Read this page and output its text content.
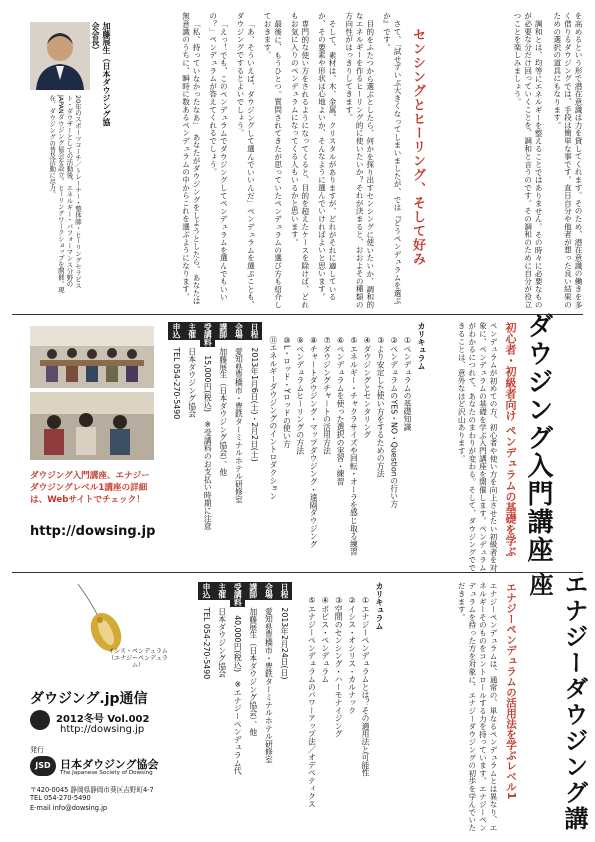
を高めるという形で潜在意識は力を貸してくれます。そのため、潜在意識の働きを多く借りるダウジングでは、手段は簡単な事です。直日自分や他者が想った良い結果のための選択の道具にもなります。

調和とは、均等にエネルギーを整えることではありません。その時々に必要なものが必要な分だけ回っていくことを、調和と言うのです。その調和のために自分が役立つことを楽しみましょう。

センシングとヒーリング、そして好み

さて、「試せずいぶ大きくなってしまいましたが、では『どうペンデュラムを選ぶか』です。

目的をふたつから選ぶとしたら、何かを探り出すセンシングに使いたいか、調和的なエネルギーを作るヒーリング的に使いたいか？それが決まると、おおよその種類の方向性がはっきりしてきます。

そして、素材は、木、金属、クリスタルがありますが、どれがそれに適しているか、その要素や形状は心地よいか、そんなように選んでいければよいと思います。

専門的な使い方をされるようになってくると、目的を超えたケースを除けば、どれもお気に入りのペンデュラムになってくる人もいるかと思います。

最後に、もうひとつ。質問されてきたが思っていたペンデュラムの選び方も紹介しておきます。

「あ、そういえば、ダウジングして選んでいいんだ」ペンデュラムを選ぶことも、ダウジングでするとよいでしょう。

「えっ！でも、このペンデュラムでダウジングしてペンデュラムを選んでもいいの？」ペンデュラムが答えてくれるでしょう。

「私、持っていなかったなあ」　あなたがダウジングをしようとしたら、あなたは無意識のうちに、瞬時に数あるペンデュラムの中からこれを選ぶようになります。

加藤展生（日本ダウジング協会会長）
20年のスポーツコーチ／トレーナー・整体師・ヒーリングセラピスト・ダウザーとしての活動後、エネルギー・パフォーマンス分野のJAPANダウジング協会を設立。ヒーリングワークショップを開催。現在、ダウジングの普及活動に尽力。
ダウジング入門講座
初心者・初級者向け ペンデュラムの基礎を学ぶ
ペンデュラムが初めての方、初心者や使い方を向上させたい初級者を対象に、ペンデュラムの基礎を学ぶ入門講座を開催します。ペンデュラムがわかるにつれて、あなたのまわりが変わる。そして、ダウジングでできることは、意外なほど沢山あります。
カリキュラム
①ペンデュラムの基礎知識
②ペンデュラムのYES・NO・Questionの行い方
③より安定した使い方をするための方法
④ダウジングとセンタリング
⑤エネルギー・チャクラサイズや回転・オーラを感じ取る練習
⑥ペンデュラムを使った選択の実習・練習
⑦ダウジングチャートの活用方法
⑧チャートダウジング・マップダウジング・遠隔ダウジング
⑨ペンデュラムヒーリングの方法
⑩L・ロッド・Yロッドの使い方
⑪エネルギーダウジングのイントロダクション
日程　2013年1月6日(土)・2月2日(土)
会場　愛知県豊橋市・豊鉄ターミナルホテル研修室
講師　加藤展生（日本ダウジング協会）、他
受講料　15,000円(税込)　※受講料のお支払い時期に注意
主催　日本ダウジング協会
申込　TEL 054-270-5490
ダウジング入門講座、エナジーダウジングレベル1講座の詳細は、Webサイトでチェック！
http://dowsing.jp
エナジーダウジング講座
エナジーペンデュラムの活用法を学ぶレベル1
エナジーペンデュラムは、通常の、単なるペンデュラムとは異なり、エネルギーそのものをコントロールする力を持っています。エナジーペンデュラムを持った方を対象に、エナジーダウジングの初歩を学んでいただきます。
カリキュラム
①エナジーペンデュラムとは？その適用法と可能性
②イシス・オシリス・カルナック
③空間のセンシング・ハーモナイジング
④ボビス・ペンデュラム
⑤エナジーペンデュラムのパワーアップ法／オデペティクス
日程　2013年2月24日(日)
会場　愛知県豊橋市・豊鉄ターミナルホテル研修室
講師　加藤展生（日本ダウジング協会）、他
受講料　40,000円(税込)　※エナジーペンデュラム代
主催　日本ダウジング協会
申込　TEL 054-270-5490
イシス・ペンデュラム（エナジーペンデュラム）
ダウジング.jp通信
2012冬号 Vol.002
http://dowsing.jp
発行
JSD 日本ダウジング協会
The Japanese Society of Dowsing
〒420-0045 静岡県静岡市葵区吉野町4-7
TEL 054-270-5490
E-mail info@dowsing.jp
